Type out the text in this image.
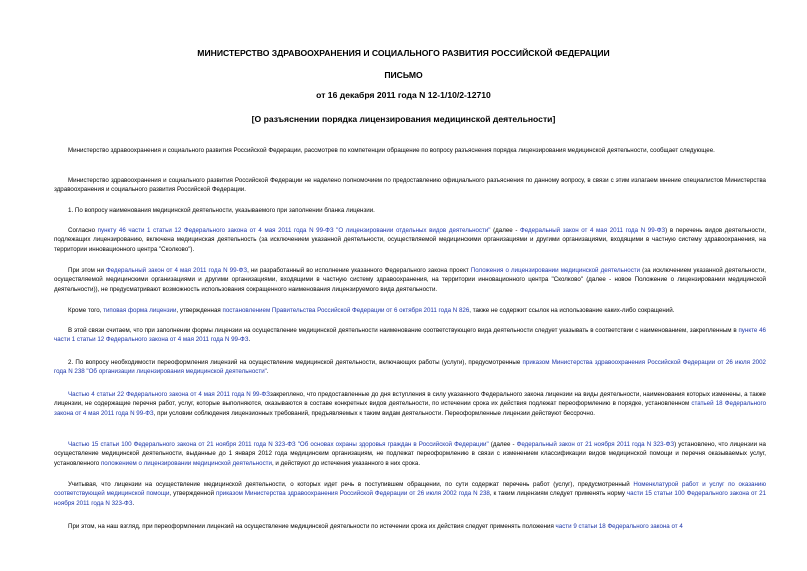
МИНИСТЕРСТВО ЗДРАВООХРАНЕНИЯ И СОЦИАЛЬНОГО РАЗВИТИЯ РОССИЙСКОЙ ФЕДЕРАЦИИ
ПИСЬМО
от 16 декабря 2011 года N 12-1/10/2-12710
[О разъяснении порядка лицензирования медицинской деятельности]
Министерство здравоохранения и социального развития Российской Федерации, рассмотрев по компетенции обращение по вопросу разъяснения порядка лицензирования медицинской деятельности, сообщает следующее.
Министерство здравоохранения и социального развития Российской Федерации не наделено полномочием по предоставлению официального разъяснения по данному вопросу, в связи с этим излагаем мнение специалистов Министерства здравоохранения и социального развития Российской Федерации.
1. По вопросу наименования медицинской деятельности, указываемого при заполнении бланка лицензии.
Согласно пункту 46 части 1 статьи 12 Федерального закона от 4 мая 2011 года N 99-ФЗ "О лицензировании отдельных видов деятельности" (далее - Федеральный закон от 4 мая 2011 года N 99-ФЗ) в перечень видов деятельности, подлежащих лицензированию, включена медицинская деятельность (за исключением указанной деятельности, осуществляемой медицинскими организациями и другими организациями, входящими в частную систему здравоохранения, на территории инновационного центра "Сколково").
При этом ни Федеральный закон от 4 мая 2011 года N 99-ФЗ, ни разработанный во исполнение указанного Федерального закона проект Положения о лицензировании медицинской деятельности (за исключением указанной деятельности, осуществляемой медицинскими организациями и другими организациями, входящими в частную систему здравоохранения, на территории инновационного центра "Сколково" (далее - новое Положение о лицензировании медицинской деятельности)), не предусматривают возможность использования сокращенного наименования лицензируемого вида деятельности.
Кроме того, типовая форма лицензии, утвержденная постановлением Правительства Российской Федерации от 6 октября 2011 года N 826, также не содержит ссылок на использование каких-либо сокращений.
В этой связи считаем, что при заполнении формы лицензии на осуществление медицинской деятельности наименование соответствующего вида деятельности следует указывать в соответствии с наименованием, закрепленным в пункте 46 части 1 статьи 12 Федерального закона от 4 мая 2011 года N 99-ФЗ.
2. По вопросу необходимости переоформления лицензий на осуществление медицинской деятельности, включающих работы (услуги), предусмотренные приказом Министерства здравоохранения Российской Федерации от 26 июля 2002 года N 238 "Об организации лицензирования медицинской деятельности".
Частью 4 статьи 22 Федерального закона от 4 мая 2011 года N 99-ФЗзакреплено, что предоставленные до дня вступления в силу указанного Федерального закона лицензии на виды деятельности, наименования которых изменены, а также лицензии, не содержащие перечня работ, услуг, которые выполняются, оказываются в составе конкретных видов деятельности, по истечении срока их действия подлежат переоформлению в порядке, установленном статьей 18 Федерального закона от 4 мая 2011 года N 99-ФЗ, при условии соблюдения лицензионных требований, предъявляемых к таким видам деятельности. Переоформленные лицензии действуют бессрочно.
Частью 15 статьи 100 Федерального закона от 21 ноября 2011 года N 323-ФЗ "Об основах охраны здоровья граждан в Российской Федерации" (далее - Федеральный закон от 21 ноября 2011 года N 323-ФЗ) установлено, что лицензии на осуществление медицинской деятельности, выданные до 1 января 2012 года медицинским организациям, не подлежат переоформлению в связи с изменением классификации видов медицинской помощи и перечня оказываемых услуг, установленного положением о лицензировании медицинской деятельности, и действуют до истечения указанного в них срока.
Учитывая, что лицензии на осуществление медицинской деятельности, о которых идет речь в поступившем обращении, по сути содержат перечень работ (услуг), предусмотренный Номенклатурой работ и услуг по оказанию соответствующей медицинской помощи, утвержденной приказом Министерства здравоохранения Российской Федерации от 26 июля 2002 года N 238, к таким лицензиям следует применять норму части 15 статьи 100 Федерального закона от 21 ноября 2011 года N 323-ФЗ.
При этом, на наш взгляд, при переоформлении лицензий на осуществление медицинской деятельности по истечении срока их действия следует применять положения части 9 статьи 18 Федерального закона от 4
